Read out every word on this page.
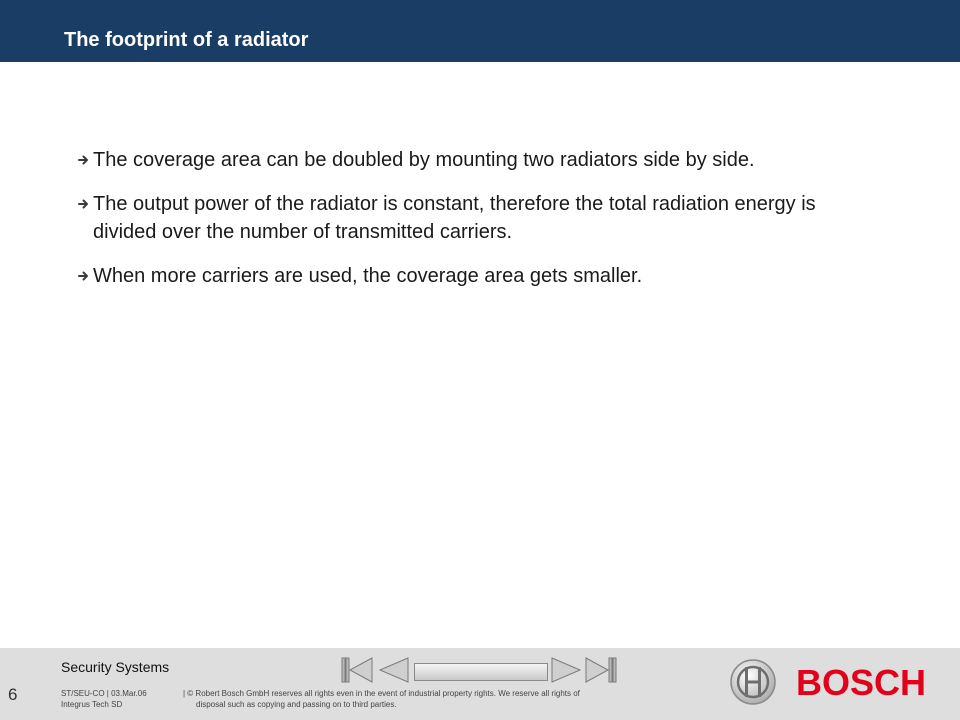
The footprint of a radiator
The coverage area can be doubled by mounting two radiators side by side.
The output power of the radiator is constant, therefore the total radiation energy is divided over the number of transmitted carriers.
When more carriers are used, the coverage area gets smaller.
6
Security Systems
ST/SEU-CO | 03.Mar.06
Integrus Tech SD
| © Robert Bosch GmbH reserves all rights even in the event of industrial property rights. We reserve all rights of
disposal such as copying and passing on to third parties.
BOSCH
